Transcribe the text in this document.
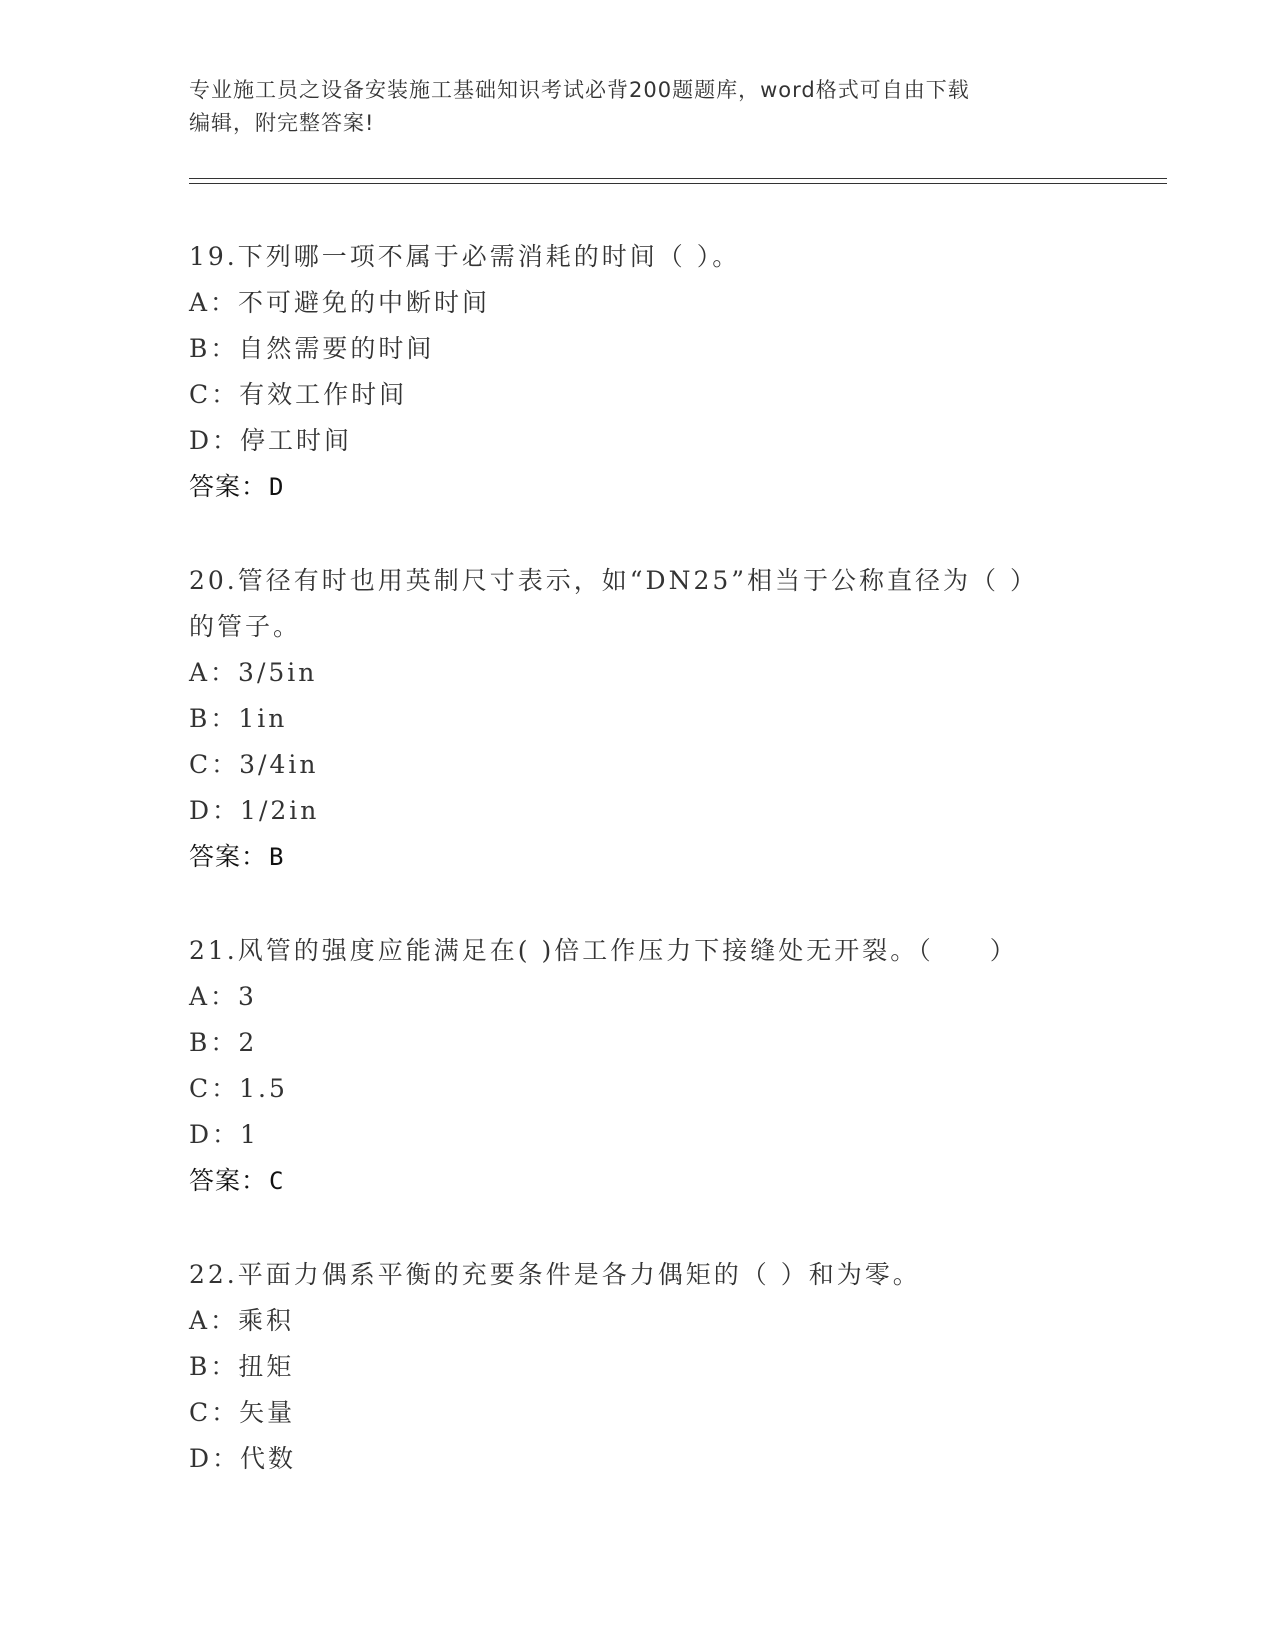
专业施工员之设备安装施工基础知识考试必背200题题库，word格式可自由下载
编辑，附完整答案!
19.下列哪一项不属于必需消耗的时间（ ）。
A：不可避免的中断时间
B：自然需要的时间
C：有效工作时间
D：停工时间
答案： D
20.管径有时也用英制尺寸表示，如“DN25”相当于公称直径为（ ）
的管子。
A：3/5in
B：1in
C：3/4in
D：1/2in
答案： B
21.风管的强度应能满足在( )倍工作压力下接缝处无开裂。（　　）
A：3
B：2
C：1.5
D：1
答案： C
22.平面力偶系平衡的充要条件是各力偶矩的（ ）和为零。
A：乘积
B：扭矩
C：矢量
D：代数
